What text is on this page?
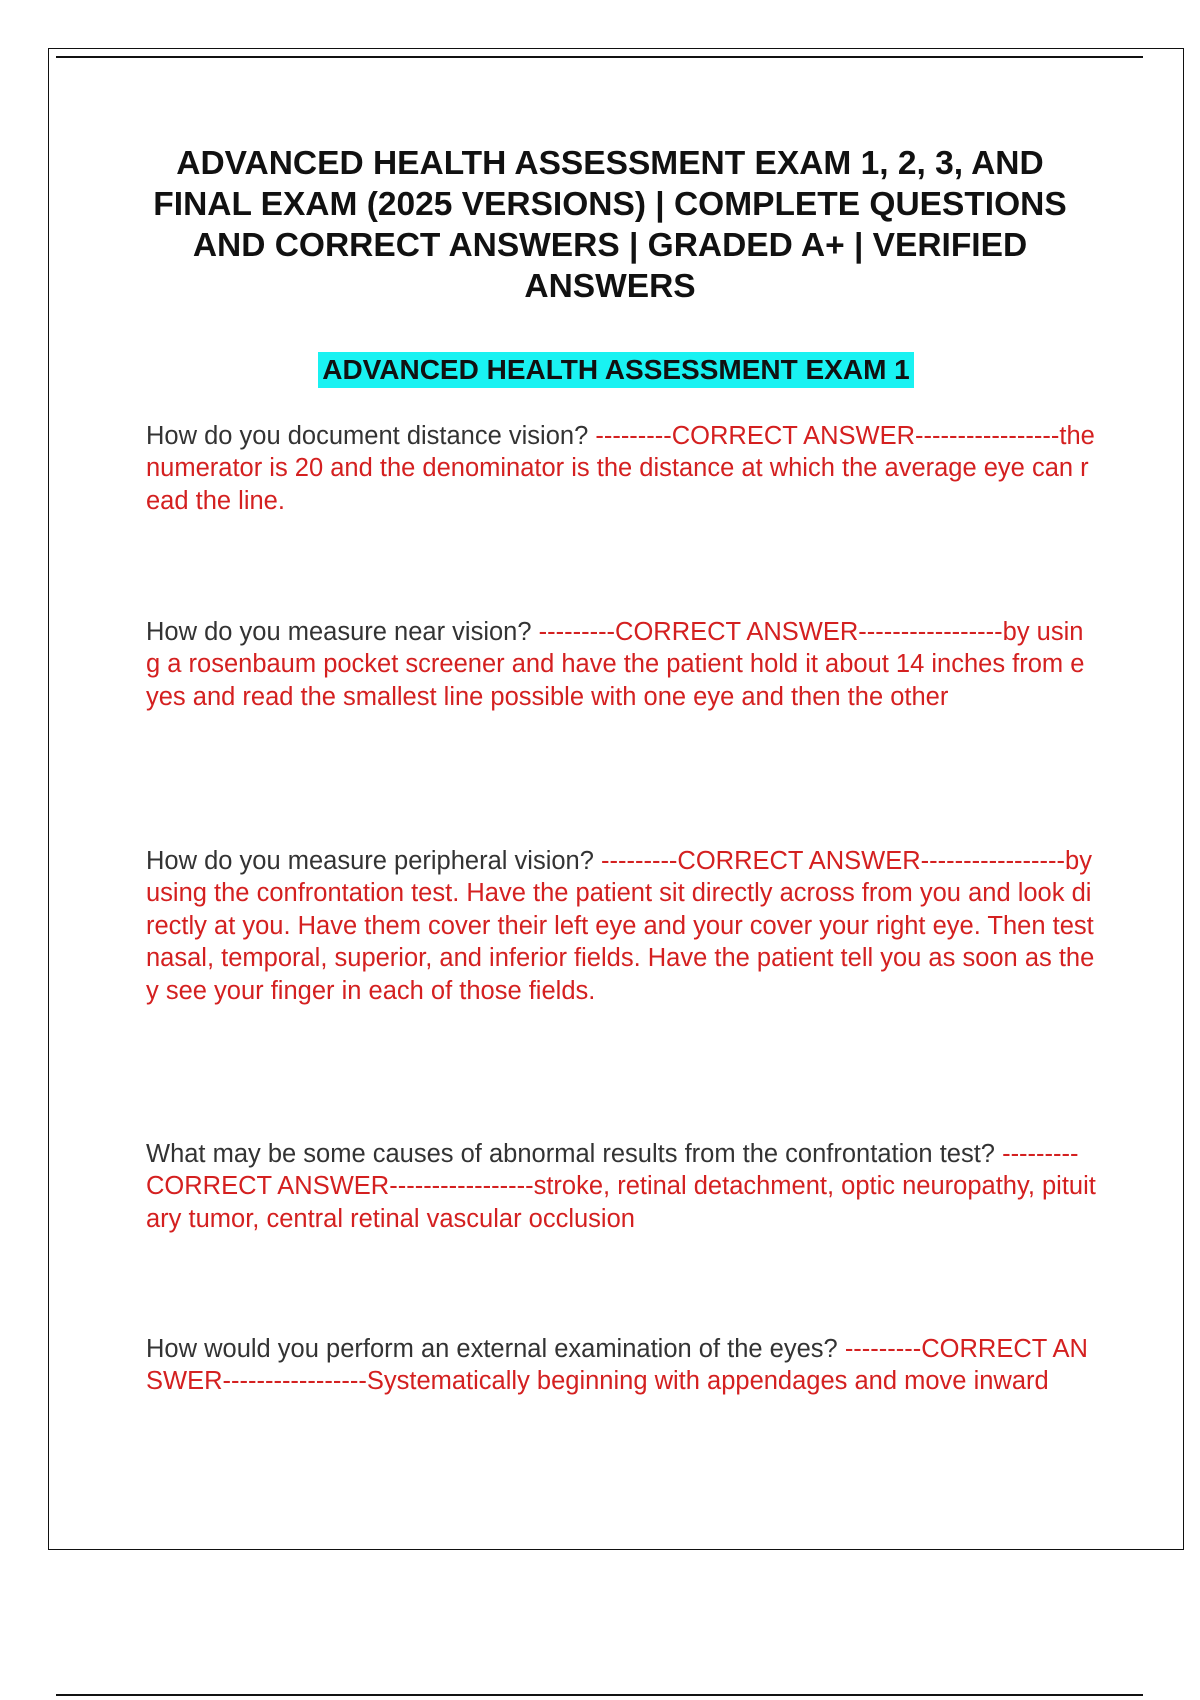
ADVANCED HEALTH ASSESSMENT EXAM 1, 2, 3, AND FINAL EXAM (2025 VERSIONS) | COMPLETE QUESTIONS AND CORRECT ANSWERS | GRADED A+ | VERIFIED ANSWERS
ADVANCED HEALTH ASSESSMENT EXAM 1

How do you document distance vision? ---------CORRECT ANSWER-----------------the numerator is 20 and the denominator is the distance at which the average eye can read the line.

How do you measure near vision? ---------CORRECT ANSWER-----------------by using a rosenbaum pocket screener and have the patient hold it about 14 inches from eyes and read the smallest line possible with one eye and then the other

How do you measure peripheral vision? ---------CORRECT ANSWER-----------------by using the confrontation test. Have the patient sit directly across from you and look directly at you. Have them cover their left eye and your cover your right eye. Then test nasal, temporal, superior, and inferior fields. Have the patient tell you as soon as they see your finger in each of those fields.

What may be some causes of abnormal results from the confrontation test? ---------CORRECT ANSWER-----------------stroke, retinal detachment, optic neuropathy, pituitary tumor, central retinal vascular occlusion

How would you perform an external examination of the eyes? ---------CORRECT ANSWER-----------------Systematically beginning with appendages and move inward
